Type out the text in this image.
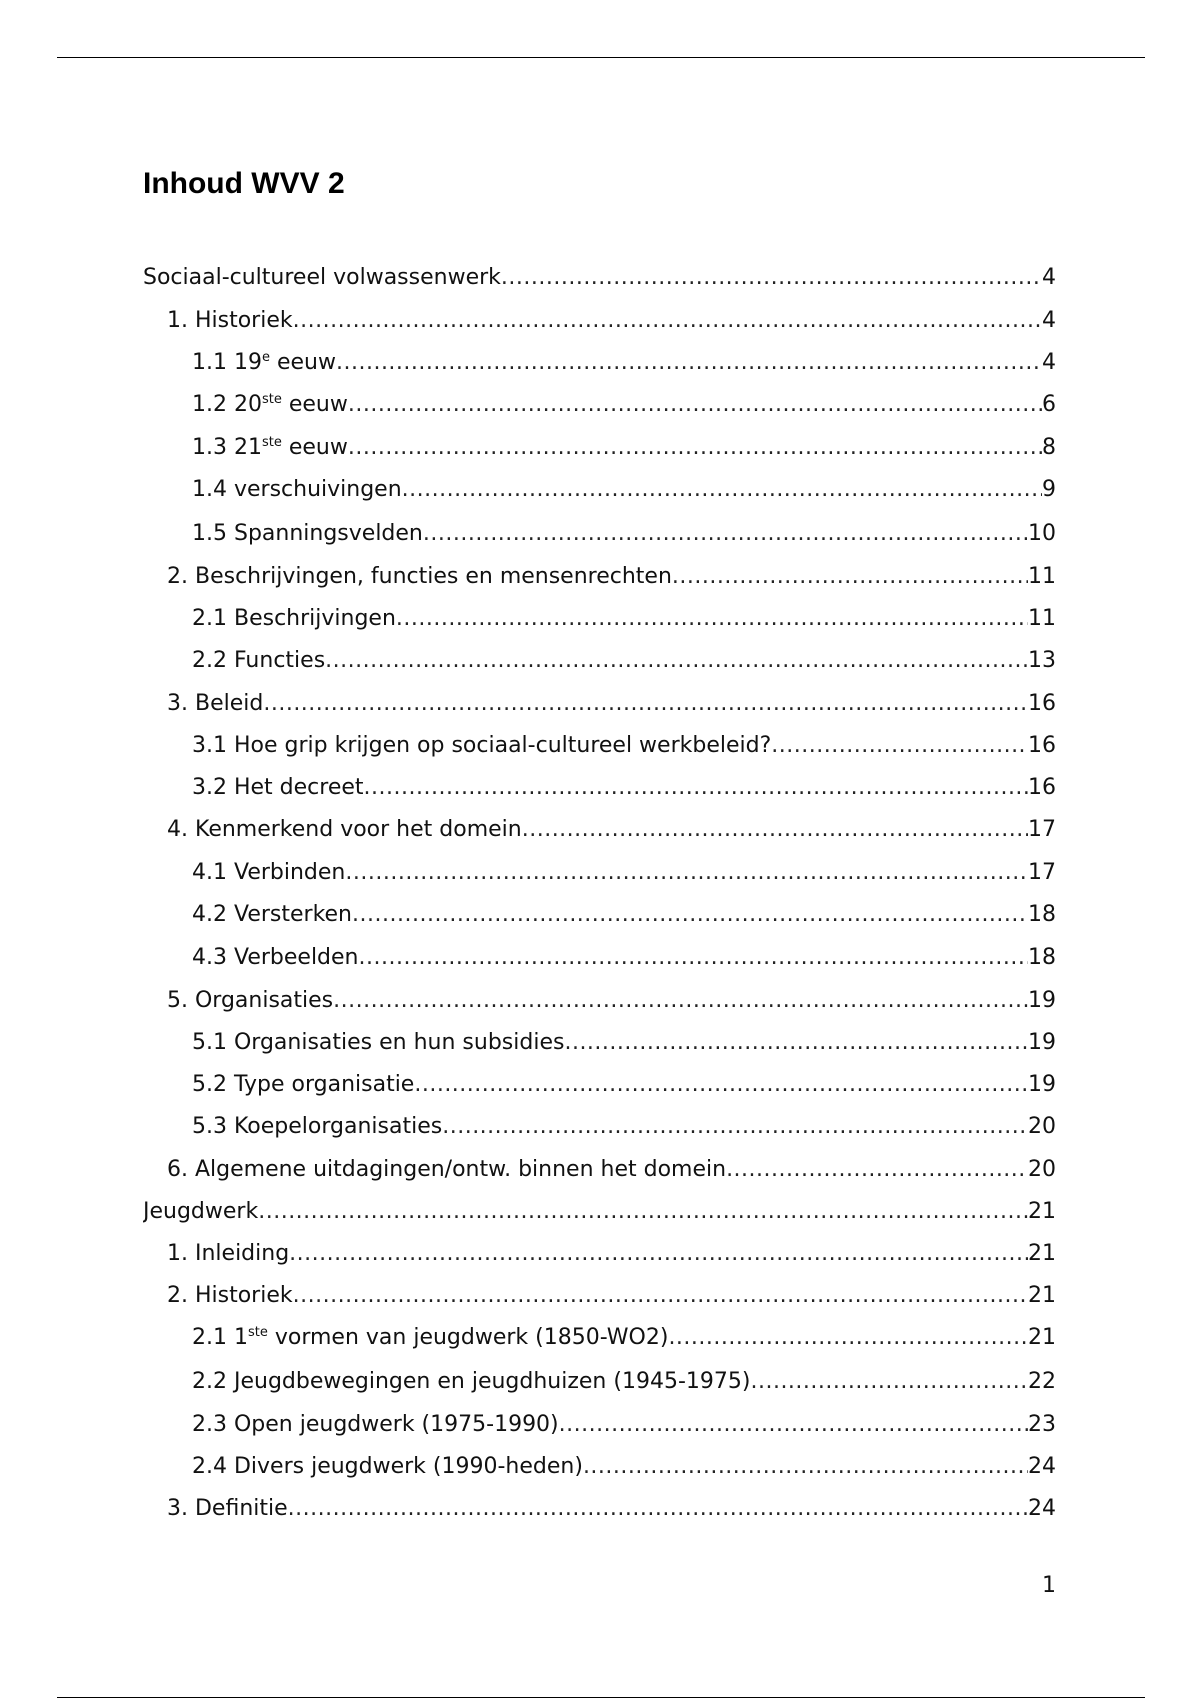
Inhoud WVV 2
Sociaal-cultureel volwassenwerk .....	4
1. Historiek .....	4
1.1 19e eeuw .....	4
1.2 20ste eeuw .....	6
1.3 21ste eeuw .....	8
1.4 verschuivingen .....	9
1.5 Spanningsvelden .....	10
2. Beschrijvingen, functies en mensenrechten .....	11
2.1 Beschrijvingen .....	11
2.2 Functies .....	13
3. Beleid .....	16
3.1 Hoe grip krijgen op sociaal-cultureel werkbeleid? .....	16
3.2 Het decreet .....	16
4. Kenmerkend voor het domein .....	17
4.1 Verbinden .....	17
4.2 Versterken .....	18
4.3 Verbeelden .....	18
5. Organisaties .....	19
5.1 Organisaties en hun subsidies .....	19
5.2 Type organisatie .....	19
5.3 Koepelorganisaties .....	20
6. Algemene uitdagingen/ontw. binnen het domein .....	20
Jeugdwerk .....	21
1. Inleiding .....	21
2. Historiek .....	21
2.1 1ste vormen van jeugdwerk (1850-WO2) .....	21
2.2 Jeugdbewegingen en jeugdhuizen (1945-1975) .....	22
2.3 Open jeugdwerk (1975-1990) .....	23
2.4 Divers jeugdwerk (1990-heden) .....	24
3. Definitie .....	24
1
